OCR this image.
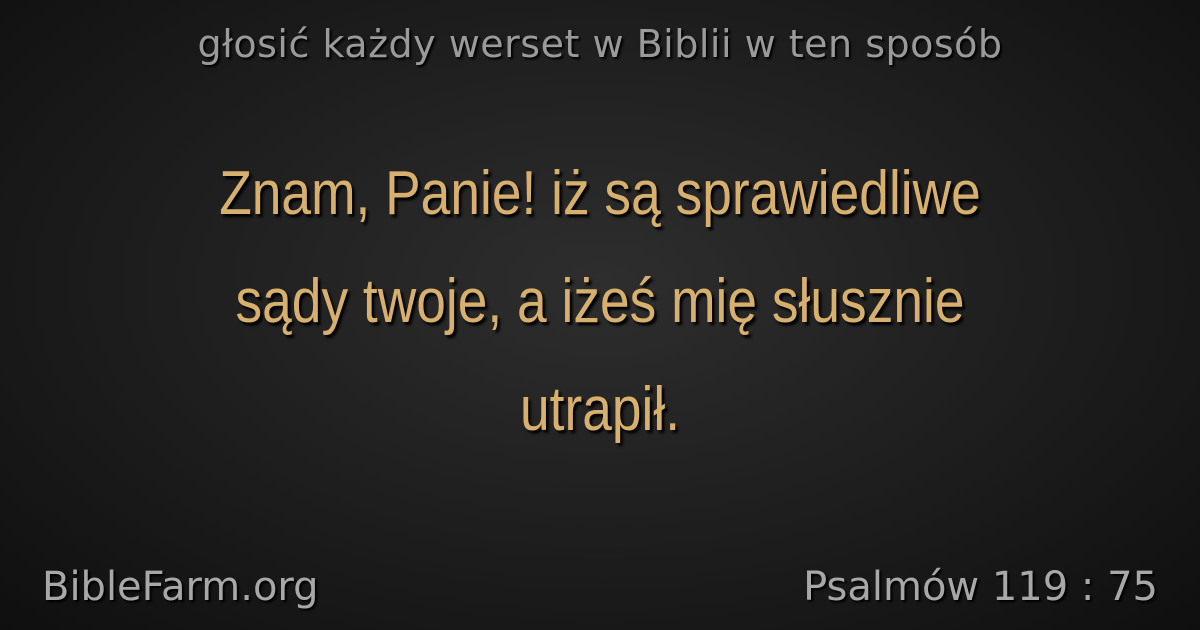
głosić każdy werset w Biblii w ten sposób
Znam, Panie! iż są sprawiedliwe
sądy twoje, a iżeś mię słusznie
utrapił.
BibleFarm.org	Psalmów 119 : 75
